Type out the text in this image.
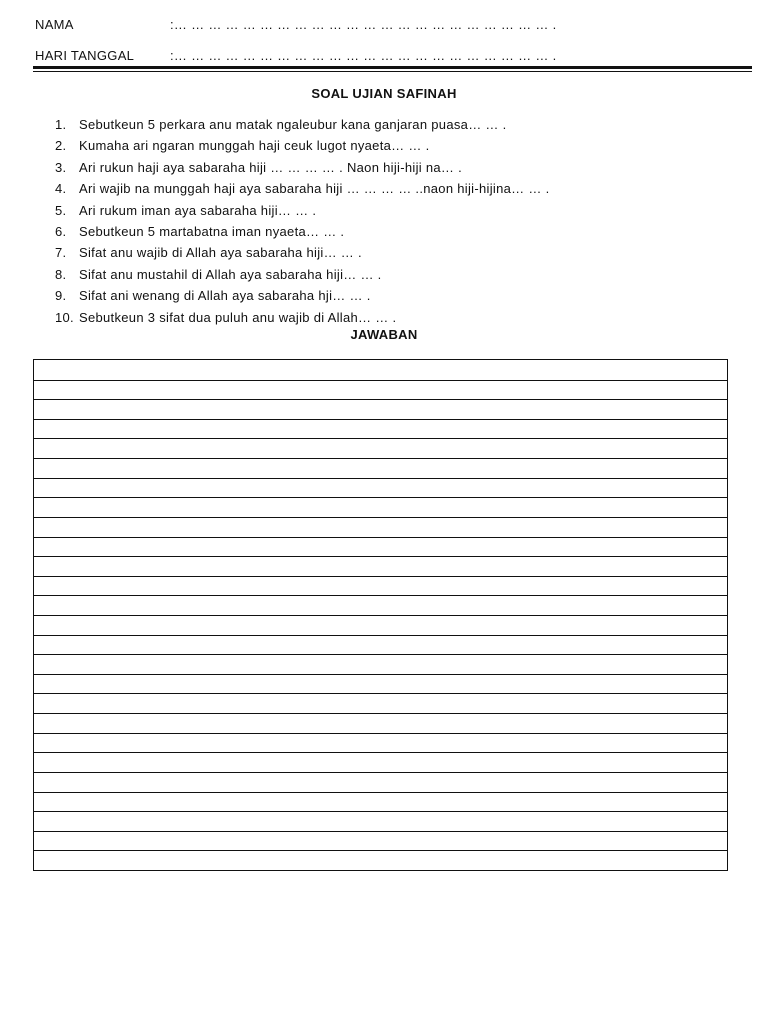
NAMA	:… … … … … … … … … … … … … … … … … … … … … … .
HARI TANGGAL	:… … … … … … … … … … … … … … … … … … … … … … .
SOAL UJIAN SAFINAH
1. Sebutkeun 5 perkara anu matak ngaleubur kana ganjaran puasa… … .
2. Kumaha ari ngaran munggah haji ceuk lugot nyaeta… … .
3. Ari rukun haji aya sabaraha hiji … … … … . Naon hiji-hiji na… .
4. Ari wajib na munggah haji aya sabaraha hiji … … … … ..naon hiji-hijina… … .
5. Ari rukum iman aya sabaraha hiji… … .
6. Sebutkeun 5 martabatna iman nyaeta… … .
7. Sifat anu wajib di Allah aya sabaraha hiji… … .
8. Sifat anu mustahil di Allah aya sabaraha hiji… … .
9. Sifat ani wenang di Allah aya sabaraha hji… … .
10. Sebutkeun 3 sifat dua puluh anu wajib di Allah… … .
JAWABAN
